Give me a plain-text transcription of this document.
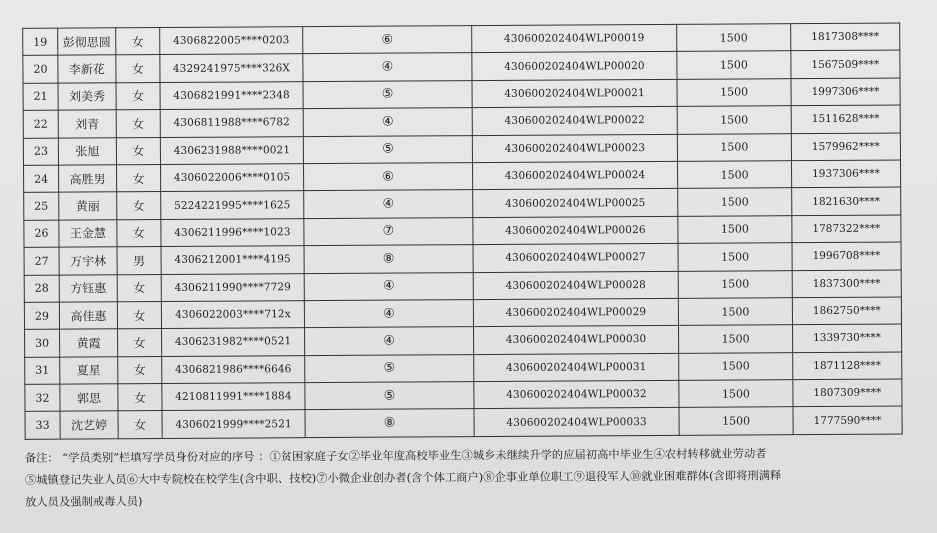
19	彭彻思圆	女	4306822005****0203	⑥	430600202404WLP00019	1500	1817308****
20	李新花	女	4329241975****326X	④	430600202404WLP00020	1500	1567509****
21	刘美秀	女	4306821991****2348	⑤	430600202404WLP00021	1500	1997306****
22	刘青	女	4306811988****6782	④	430600202404WLP00022	1500	1511628****
23	张旭	女	4306231988****0021	⑤	430600202404WLP00023	1500	1579962****
24	高胜男	女	4306022006****0105	⑥	430600202404WLP00024	1500	1937306****
25	黄丽	女	5224221995****1625	④	430600202404WLP00025	1500	1821630****
26	王金慧	女	4306211996****1023	⑦	430600202404WLP00026	1500	1787322****
27	万宇林	男	4306212001****4195	⑧	430600202404WLP00027	1500	1996708****
28	方钰惠	女	4306211990****7729	④	430600202404WLP00028	1500	1837300****
29	高佳惠	女	4306022003****712x	④	430600202404WLP00029	1500	1862750****
30	黄霞	女	4306231982****0521	④	430600202404WLP00030	1500	1339730****
31	夏星	女	4306821986****6646	⑤	430600202404WLP00031	1500	1871128****
32	郭思	女	4210811991****1884	⑤	430600202404WLP00032	1500	1807309****
33	沈艺婷	女	4306021999****2521	⑧	430600202404WLP00033	1500	1777590****
备注： “学员类别”栏填写学员身份对应的序号 ：①贫困家庭子女②毕业年度高校毕业生③城乡未继续升学的应届初高中毕业生④农村转移就业劳动者
⑤城镇登记失业人员⑥大中专院校在校学生(含中职、技校)⑦小微企业创办者(含个体工商户)⑧企事业单位职工⑨退役军人⑩就业困难群体(含即将刑满释
放人员及强制戒毒人员)
